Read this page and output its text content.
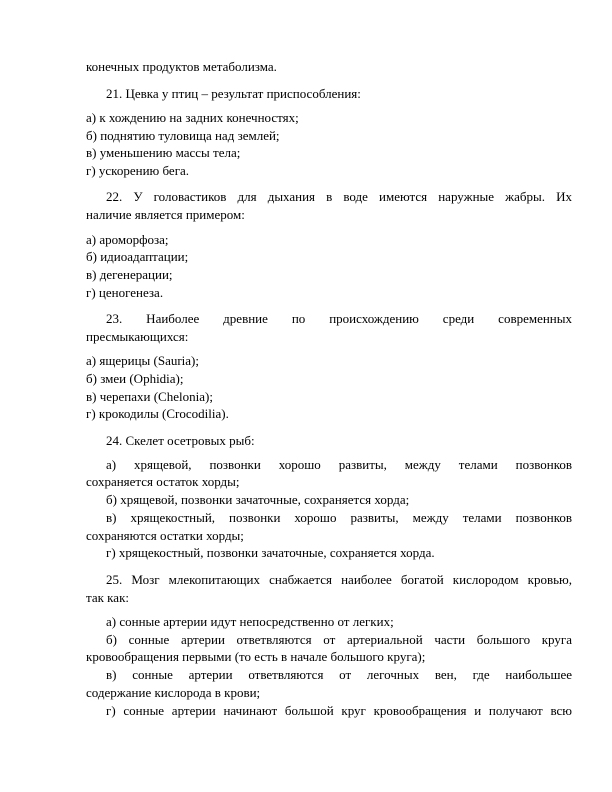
конечных продуктов метаболизма.
21. Цевка у птиц – результат приспособления:
а) к хождению на задних конечностях;
б) поднятию туловища над землей;
в) уменьшению массы тела;
г) ускорению бега.
22. У головастиков для дыхания в воде имеются наружные жабры. Их
наличие является примером:
а) ароморфоза;
б) идиоадаптации;
в) дегенерации;
г) ценогенеза.
23. Наиболее древние по происхождению среди современных
пресмыкающихся:
а) ящерицы (Sauria);
б) змеи (Ophidia);
в) черепахи (Chelonia);
г) крокодилы (Crocodilia).
24. Скелет осетровых рыб:
а) хрящевой, позвонки хорошо развиты, между телами позвонков
сохраняется остаток хорды;
б) хрящевой, позвонки зачаточные, сохраняется хорда;
в) хрящекостный, позвонки хорошо развиты, между телами позвонков
сохраняются остатки хорды;
г) хрящекостный, позвонки зачаточные, сохраняется хорда.
25. Мозг млекопитающих снабжается наиболее богатой кислородом кровью,
так как:
а) сонные артерии идут непосредственно от легких;
б) сонные артерии ответвляются от артериальной части большого круга
кровообращения первыми (то есть в начале большого круга);
в) сонные артерии ответвляются от легочных вен, где наибольшее
содержание кислорода в крови;
г) сонные артерии начинают большой круг кровообращения и получают всю
